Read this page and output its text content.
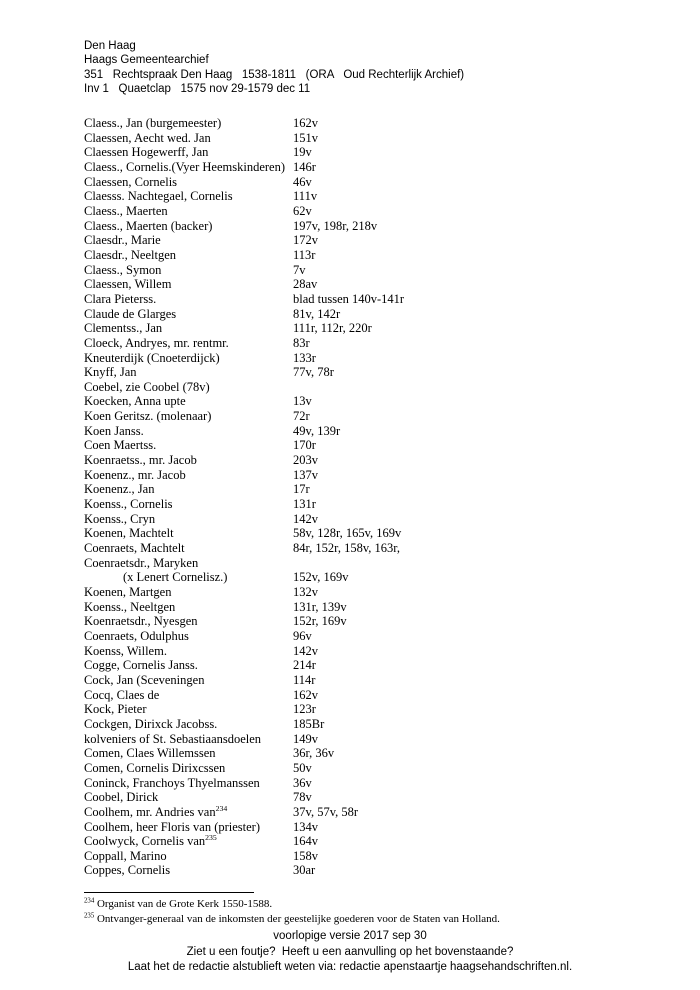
Den Haag
Haags Gemeentearchief
351   Rechtspraak Den Haag   1538-1811   (ORA   Oud Rechterlijk Archief)
Inv 1   Quaetclap   1575 nov 29-1579 dec 11
Claess., Jan (burgemeester)	162v
Claessen, Aecht wed. Jan	151v
Claessen Hogewerff, Jan	19v
Claess., Cornelis.(Vyer Heemskinderen) 146r
Claessen, Cornelis	46v
Claesss. Nachtegael, Cornelis	111v
Claess., Maerten	62v
Claess., Maerten (backer)	197v, 198r, 218v
Claesdr., Marie	172v
Claesdr., Neeltgen	113r
Claess., Symon	7v
Claessen, Willem	28av
Clara Pieterss.	blad tussen 140v-141r
Claude de Glarges	81v, 142r
Clementss., Jan	111r, 112r, 220r
Cloeck, Andryes, mr. rentmr.	83r
Kneuterdijk (Cnoeterdijck)	133r
Knyff, Jan	77v, 78r
Coebel, zie Coobel (78v)
Koecken, Anna upte	13v
Koen Geritsz. (molenaar)	72r
Koen Janss.	49v, 139r
Coen Maertss.	170r
Koenraetss., mr. Jacob	203v
Koenenz., mr. Jacob	137v
Koenenz., Jan	17r
Koenss., Cornelis	131r
Koenss., Cryn	142v
Koenen, Machtelt	58v, 128r, 165v, 169v
Coenraets, Machtelt	84r, 152r, 158v, 163r,
Coenraetsdr., Maryken
(x Lenert Cornelisz.)	152v, 169v
Koenen, Martgen	132v
Koenss., Neeltgen	131r, 139v
Koenraetsdr., Nyesgen	152r, 169v
Coenraets, Odulphus	96v
Koenss, Willem.	142v
Cogge, Cornelis Janss.	214r
Cock, Jan (Sceveningen	114r
Cocq, Claes de	162v
Kock, Pieter	123r
Cockgen, Dirixck Jacobss.	185Br
kolveniers of St. Sebastiaansdoelen	149v
Comen, Claes Willemssen	36r, 36v
Comen, Cornelis Dirixcssen	50v
Coninck, Franchoys Thyelmanssen	36v
Coobel, Dirick	78v
Coolhem, mr. Andries van$^{234}$	37v, 57v, 58r
Coolhem, heer Floris van (priester)	134v
Coolwyck, Cornelis van$^{235}$	164v
Coppall, Marino	158v
Coppes, Cornelis	30ar
$^{234}$ Organist van de Grote Kerk 1550-1588.
$^{235}$ Ontvanger-generaal van de inkomsten der geestelijke goederen voor de Staten van Holland.
voorlopige versie 2017 sep 30
Ziet u een foutje?  Heeft u een aanvulling op het bovenstaande?
Laat het de redactie alstublieft weten via: redactie apenstaartje haagsehandschriften.nl.
